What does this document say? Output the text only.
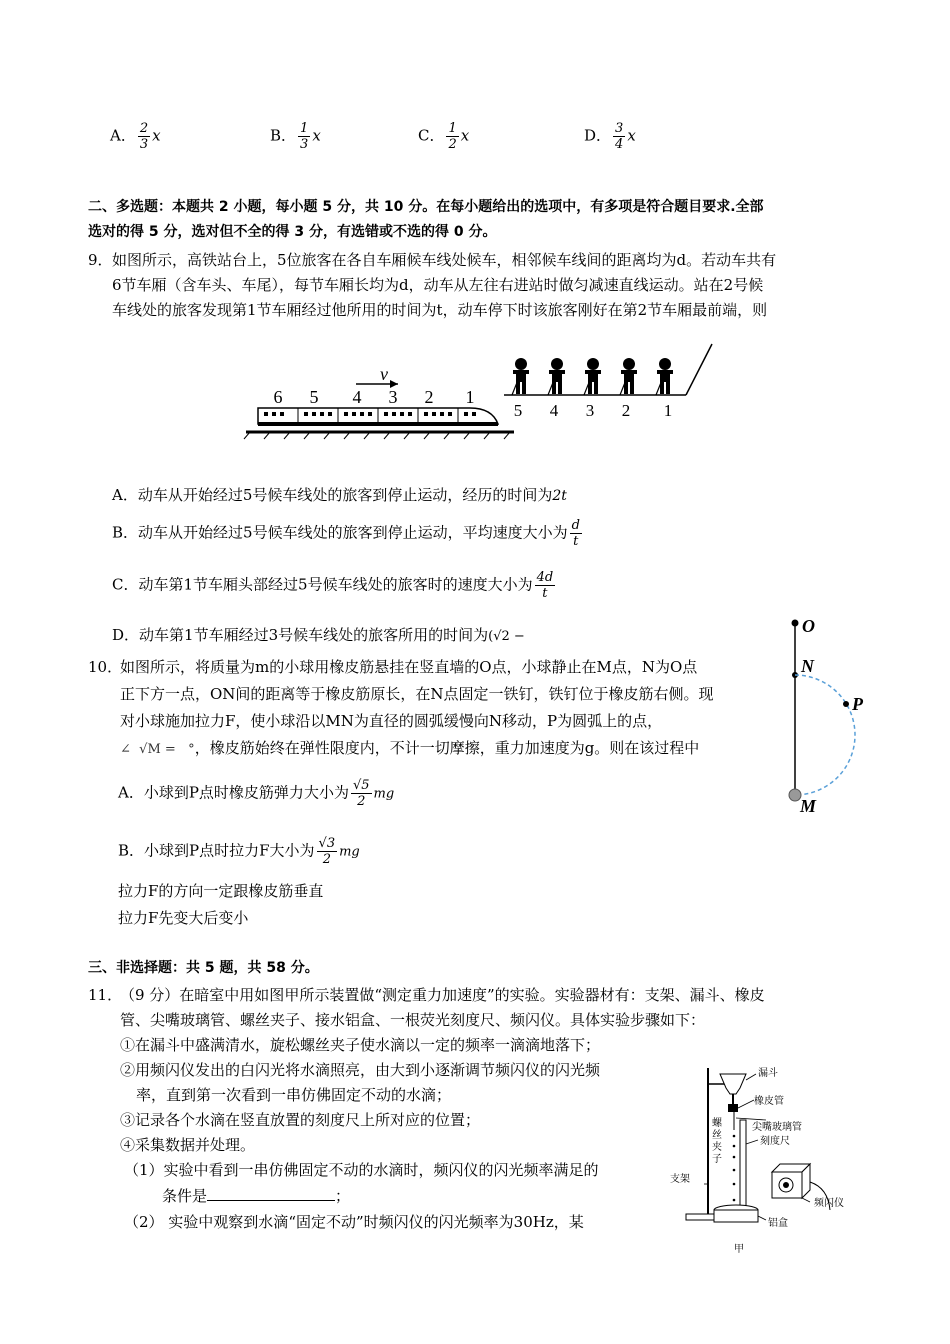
A． $\frac{2}{3}$ x	B． $\frac{1}{3}$ x	C． $\frac{1}{2}$ x	D． $\frac{3}{4}$ x
二、多选题：本题共 2 小题，每小题 5 分，共 10 分。在每小题给出的选项中，有多项是符合题目要求.全部
选对的得 5 分，选对但不全的得 3 分，有选错或不选的得 0 分。
9． 如图所示，高铁站台上，5位旅客在各自车厢候车线处候车，相邻候车线间的距离均为d。若动车共有
6节车厢（含车头、车尾），每节车厢长均为d，动车从左往右进站时做匀减速直线运动。站在2号候
车线处的旅客发现第1节车厢经过他所用的时间为t，动车停下时该旅客刚好在第2节车厢最前端，则
6 5 4 3 2 1
v
5 4 3 2 1
A．动车从开始经过5号候车线处的旅客到停止运动，经历的时间为2t
B．动车从开始经过5号候车线处的旅客到停止运动，平均速度大小为 $\frac{d}{t}$
C．动车第1节车厢头部经过5号候车线处的旅客时的速度大小为 $\frac{4d}{t}$
D．动车第1节车厢经过3号候车线处的旅客所用的时间为(√2 −
10．
如图所示，将质量为m的小球用橡皮筋悬挂在竖直墙的O点，小球静止在M点，N为O点
正下方一点，ON间的距离等于橡皮筋原长，在N点固定一铁钉，铁钉位于橡皮筋右侧。现
对小球施加拉力F，使小球沿以MN为直径的圆弧缓慢向N移动，P为圆弧上的点，
∠  √M =   °，橡皮筋始终在弹性限度内，不计一切摩擦，重力加速度为g。则在该过程中
A．小球到P点时橡皮筋弹力大小为 $\frac{√5}{2}$ mg
B．小球到P点时拉力F大小为 $\frac{√3}{2}$ mg
拉力F的方向一定跟橡皮筋垂直
拉力F先变大后变小
O
N
P
M
三、非选择题：共 5 题，共 58 分。
11．
（9 分）在暗室中用如图甲所示装置做“测定重力加速度”的实验。实验器材有：支架、漏斗、橡皮
管、尖嘴玻璃管、螺丝夹子、接水铝盒、一根荧光刻度尺、频闪仪。具体实验步骤如下：
①在漏斗中盛满清水，旋松螺丝夹子使水滴以一定的频率一滴滴地落下；
②用频闪仪发出的白闪光将水滴照亮，由大到小逐渐调节频闪仪的闪光频
率，直到第一次看到一串仿佛固定不动的水滴；
③记录各个水滴在竖直放置的刻度尺上所对应的位置；
④采集数据并处理。
（1）实验中看到一串仿佛固定不动的水滴时，频闪仪的闪光频率满足的
条件是	；
（2） 实验中观察到水滴“固定不动”时频闪仪的闪光频率为30Hz，某
螺
丝
夹
子
漏斗
橡皮管
尖嘴玻璃管
刻度尺
支架
频闪仪
铝盒
甲
